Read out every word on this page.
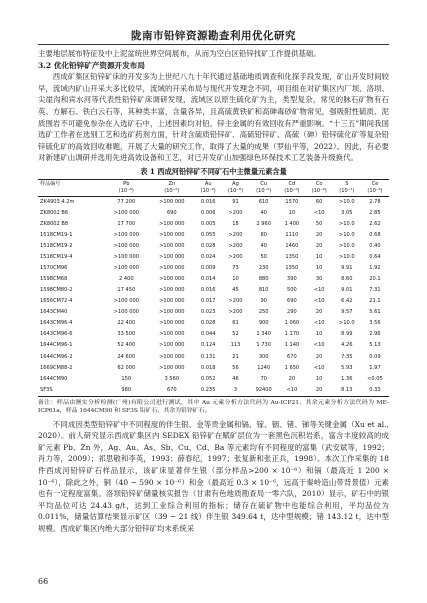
陇南市铅锌资源勘查利用优化研究

主要地层展布特征及中上泥盆统世界空间展布，从而为空白区铅锌找矿工作提供基础。

3.2 优化铅锌矿产资源开发布局

西成矿集区铅锌矿床的开发多为上世纪八九十年代通过基础地质调查和化探手段发现，矿山开发时间较早，流域内矿山开采大多比较早，流域的开采布局与现代开发理念不同，项目组在对矿集区内厂坝、洛坝、尖崖沟和宾水河等代表性铅锌矿床调研发现，流域区以原生硫化矿为主，类型复杂，常见的脉石矿物有石英、方解石、铁白云石等，其种类丰富，含量各异，且高硫黄铁矿和高砷毒砂矿物常见，强吸附性硫质、泥质围岩不可避免参杂在入选矿石中，上述因素均对铅、锌主金属的有效回收有严重影响。“十三五”期间我国选矿工作者在选别工艺和选矿药剂方面，针对含硫质铅锌矿、高硫铅锌矿、高硫（砷）铅锌硫化矿等复杂铅锌硫化矿的高效回收难题，开展了大量的研究工作，取得了大量的成果（罗仙平等，2022）。因此，有必要对新建矿山调研并选用先进高效设备和工艺，对已开发矿山加强绿色环保技术工艺装备升级换代。

表 1 西成河铅锌矿不同矿石中主微量元素含量
样品编号	Pb	Zn	Au	Ag	Cu	Cd	Co	S	Ce
	(10⁻⁶)	(10⁻⁶)	(10⁻⁶)	(10⁻⁶)	(10⁻⁶)	(10⁻⁶)	(10⁻⁶)	(10⁻²)	(10⁻⁶)
ZK4903 4.2m	77 200	>100 000	0.016	91	610	1570	60	>10.0	2.78
ZK8002 B6	>100 000	690	0.006	>200	40	10	<10	3.05	2.85
ZK8002 B8	17 700	>100 000	0.005	18	2 960	1 400	50	>10.0	2.62
1518CM19-1	>100 000	>100 000	0.055	>200	80	1110	20	>10.0	0.68
1518CM19-2	>100 000	>100 000	0.028	>200	40	1460	20	>10.0	0.40
1518CM19-4	>100 000	>100 000	0.024	>200	50	1350	10	>10.0	0.64
1570CM96	>100 000	>100 000	0.009	73	230	1350	10	9.91	1.92
1598CM68	2 400	>100 000	0.014	10	880	390	30	8.60	20.1
1598CM80-2	17 450	>100 000	0.016	45	810	500	<10	9.01	7.31
1656CM72-4	>100 000	>100 000	0.017	>200	90	690	<10	6.42	21.1
1643CM40	>100 000	>100 000	0.023	>200	250	290	20	9.57	5.61
1643CM96-4	22 400	>100 000	0.028	61	900	1 060	<10	>10.0	3.56
1643CM96-6	33 500	>100 000	0.044	52	1 340	1 170	10	8.99	2.96
1644CM96-1	52 400	>100 000	0.124	113	1 730	1 140	<10	4.26	5.13
1644CM96-2	24 600	>100 000	0.131	21	300	670	20	7.35	0.09
1669CM88-2	62 000	>100 000	0.018	56	1240	1 650	<10	5.93	1.97
1644CM90	150	3 560	0.052	46	70	20	10	1.36	<0.05
SF3S	980	670	0.235	3	92400	<10	20	8.13	0.33
备注：样品由澳实分析检测(广州)有限公司进行测试，其中 Au 元素分析方法代码为 Au-ICP21，其余元素分析方法代码为 ME-ICP61a，样品 1644CM90 和 SF3S 铅矿石、其余为铅锌矿石。

不同成因类型铅锌矿中不同程度的伴生银、金等贵金属和镉、镓、铟、锗、锑等关键金属（Xu et al., 2020）。前人研究显示西成矿集区内 SEDEX 铅锌矿在赋矿层位为一套黑色沉积岩系，富含丰度较高的成矿元素 Pb、Zn 外，Ag、Au、As、Sb、Cu、Cd、Ba 等元素均有不同程度的富集（武安斌等，1992；肖力等，2009）；祁思敬和李英，1993；薛春纪，1997；张复新和张正兵，1998）。本次工作采集的 18 件西成河铅锌矿石样品显示，该矿床显著伴生银（部分样品>200 × 10⁻⁶）和镉（最高近 1 200 × 10⁻⁶），除此之外，铜（40 ~ 590 × 10⁻⁶）和金（最高近 0.3 × 10⁻⁶，远高于秦岭造山带背景值）元素也有一定程度富集。洛坝铅锌矿储量核实报告（甘肃有色地质勘查局一零六队，2010）显示，矿石中的银平均品位可达 24.43 g/t，达到工业综合利用的指标；储存在硫矿物中也能综合利用，平均品位为 0.011%，储量估算结果显示矿区（39 ~ 21 线）伴生银 349.64 t，达中型规模；锗 143.12 t，达中型规模。西成矿集区内绝大部分铅锌矿均未系统采

66
